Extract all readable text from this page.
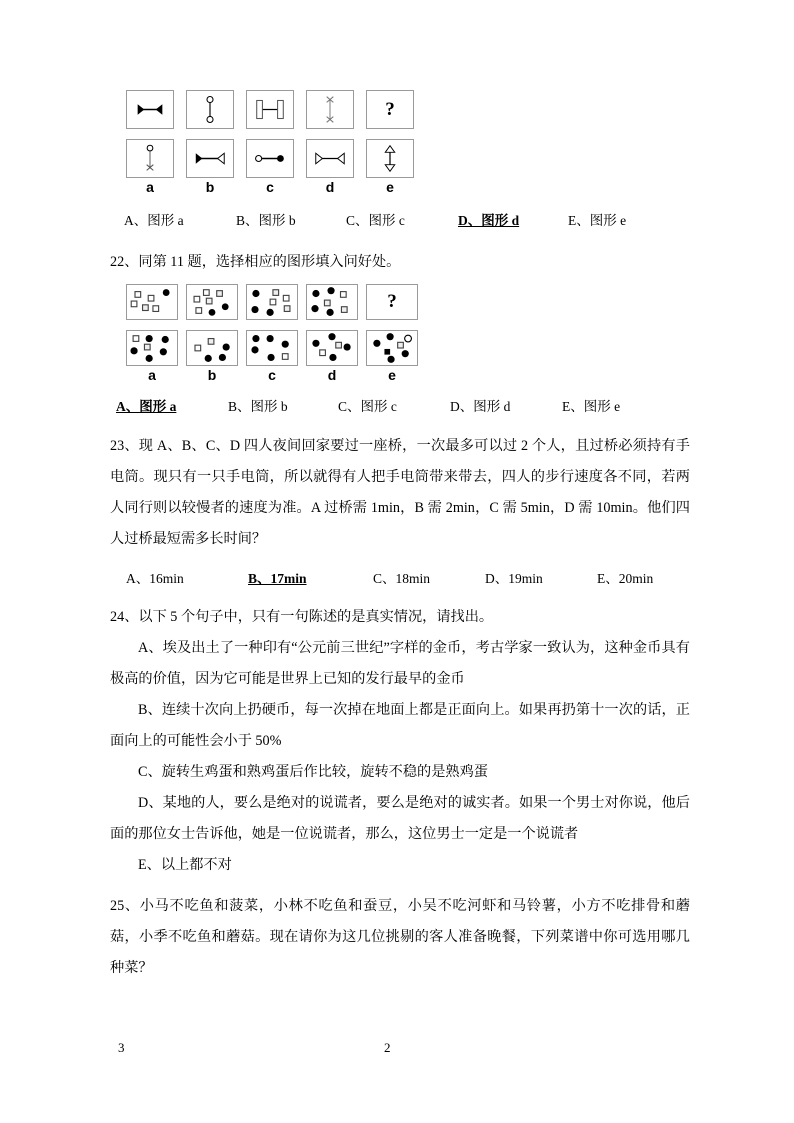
?
a	b	c	d	e
A、图形 a	B、图形 b	C、图形 c	D、图形 d	E、图形 e
22、同第 11 题，选择相应的图形填入问好处。
?
a	b	c	d	e
A、图形 a	B、图形 b	C、图形 c	D、图形 d	E、图形 e
23、现 A、B、C、D 四人夜间回家要过一座桥，一次最多可以过 2 个人，且过桥必须持有手电筒。现只有一只手电筒，所以就得有人把手电筒带来带去，四人的步行速度各不同，若两人同行则以较慢者的速度为准。A 过桥需 1min，B 需 2min，C 需 5min，D 需 10min。他们四人过桥最短需多长时间？
A、16min	B、17min	C、18min	D、19min	E、20min
24、以下 5 个句子中，只有一句陈述的是真实情况，请找出。
A、埃及出土了一种印有“公元前三世纪”字样的金币，考古学家一致认为，这种金币具有极高的价值，因为它可能是世界上已知的发行最早的金币
B、连续十次向上扔硬币，每一次掉在地面上都是正面向上。如果再扔第十一次的话，正面向上的可能性会小于 50%
C、旋转生鸡蛋和熟鸡蛋后作比较，旋转不稳的是熟鸡蛋
D、某地的人，要么是绝对的说谎者，要么是绝对的诚实者。如果一个男士对你说，他后面的那位女士告诉他，她是一位说谎者，那么，这位男士一定是一个说谎者
E、以上都不对
25、小马不吃鱼和菠菜，小林不吃鱼和蚕豆，小吴不吃河虾和马铃薯，小方不吃排骨和蘑菇，小季不吃鱼和蘑菇。现在请你为这几位挑剔的客人准备晚餐，下列菜谱中你可选用哪几种菜？
3	2
